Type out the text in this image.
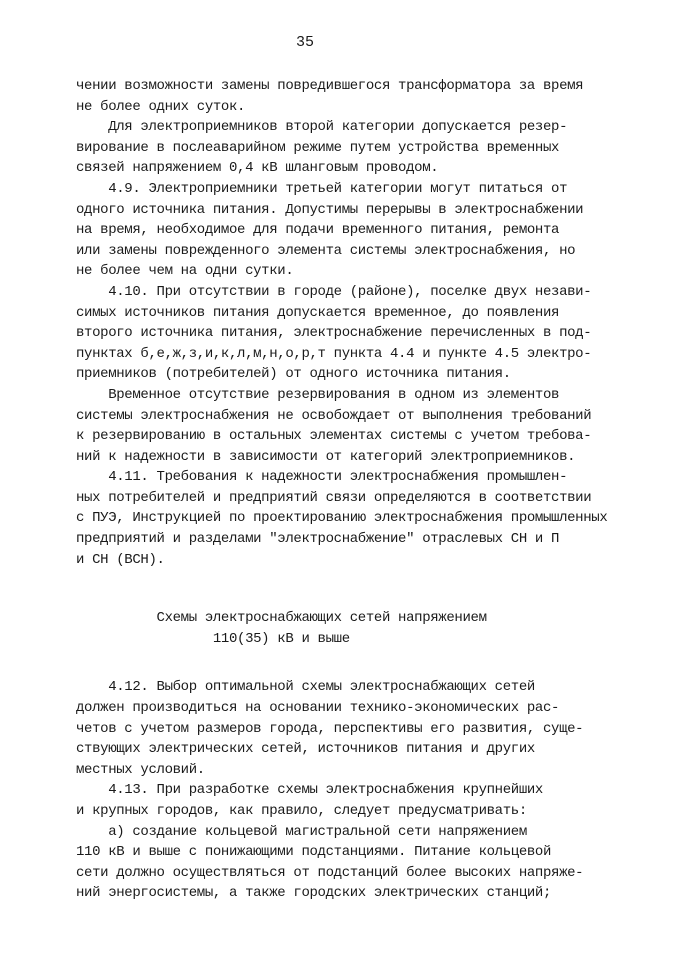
35
чении возможности замены повредившегося трансформатора за время
не более одних суток.
Для электроприемников второй категории допускается резер-
вирование в послеаварийном режиме путем устройства временных
связей напряжением 0,4 кВ шланговым проводом.
4.9. Электроприемники третьей категории могут питаться от
одного источника питания. Допустимы перерывы в электроснабжении
на время, необходимое для подачи временного питания, ремонта
или замены поврежденного элемента системы электроснабжения, но
не более чем на одни сутки.
4.10. При отсутствии в городе (районе), поселке двух незави-
симых источников питания допускается временное, до появления
второго источника питания, электроснабжение перечисленных в под-
пунктах б,е,ж,з,и,к,л,м,н,о,р,т пункта 4.4 и пункте 4.5 электро-
приемников (потребителей) от одного источника питания.
Временное отсутствие резервирования в одном из элементов
системы электроснабжения не освобождает от выполнения требований
к резервированию в остальных элементах системы с учетом требова-
ний к надежности в зависимости от категорий электроприемников.
4.11. Требования к надежности электроснабжения промышлен-
ных потребителей и предприятий связи определяются в соответствии
с ПУЭ, Инструкцией по проектированию электроснабжения промышленных
предприятий и разделами "электроснабжение" отраслевых СН и П
и СН (ВСН).
Схемы электроснабжающих сетей напряжением
110(35) кВ и выше
4.12. Выбор оптимальной схемы электроснабжающих сетей
должен производиться на основании технико-экономических рас-
четов с учетом размеров города, перспективы его развития, суще-
ствующих электрических сетей, источников питания и других
местных условий.
4.13. При разработке схемы электроснабжения крупнейших
и крупных городов, как правило, следует предусматривать:
а) создание кольцевой магистральной сети напряжением
110 кВ и выше с понижающими подстанциями. Питание кольцевой
сети должно осуществляться от подстанций более высоких напряже-
ний энергосистемы, а также городских электрических станций;
